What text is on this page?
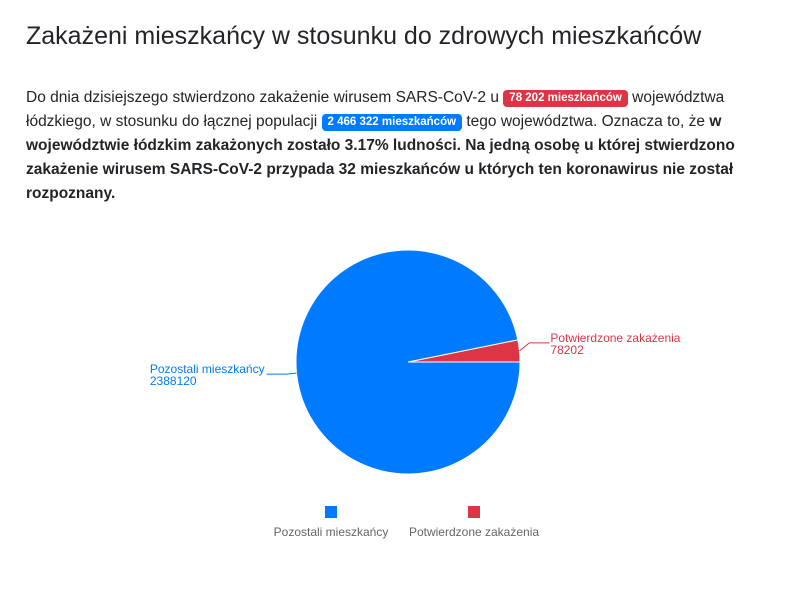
Zakażeni mieszkańcy w stosunku do zdrowych mieszkańców

Do dnia dzisiejszego stwierdzono zakażenie wirusem SARS-CoV-2 u 78 202 mieszkańców województwa łódzkiego, w stosunku do łącznej populacji 2 466 322 mieszkańców tego województwa. Oznacza to, że w województwie łódzkim zakażonych zostało 3.17% ludności. Na jedną osobę u której stwierdzono zakażenie wirusem SARS-CoV-2 przypada 32 mieszkańców u których ten koronawirus nie został rozpoznany.

Potwierdzone zakażenia
78202
Pozostali mieszkańcy
2388120
Pozostali mieszkańcy Potwierdzone zakażenia
